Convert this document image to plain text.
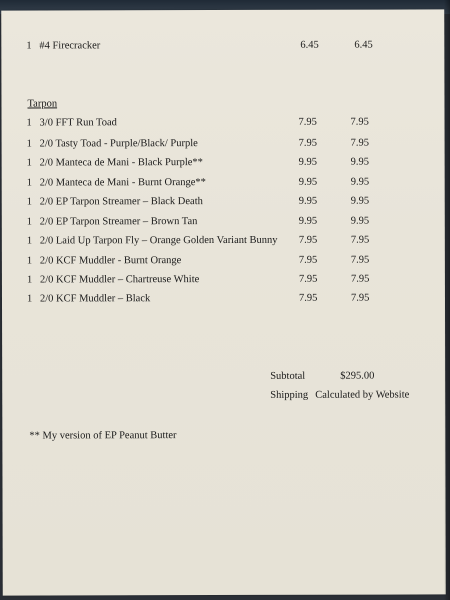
1 #4 Firecracker	6.45	6.45
Tarpon
1 3/0 FFT Run Toad	7.95	7.95
1 2/0 Tasty Toad - Purple/Black/ Purple	7.95	7.95
1 2/0 Manteca de Mani - Black Purple**	9.95	9.95
1 2/0 Manteca de Mani - Burnt Orange**	9.95	9.95
1 2/0 EP Tarpon Streamer – Black Death	9.95	9.95
1 2/0 EP Tarpon Streamer – Brown Tan	9.95	9.95
1 2/0 Laid Up Tarpon Fly – Orange Golden Variant Bunny 7.95	7.95
1 2/0 KCF Muddler - Burnt Orange	7.95	7.95
1 2/0 KCF Muddler – Chartreuse White	7.95	7.95
1 2/0 KCF Muddler – Black	7.95	7.95
Subtotal	$295.00
Shipping Calculated by Website
** My version of EP Peanut Butter
